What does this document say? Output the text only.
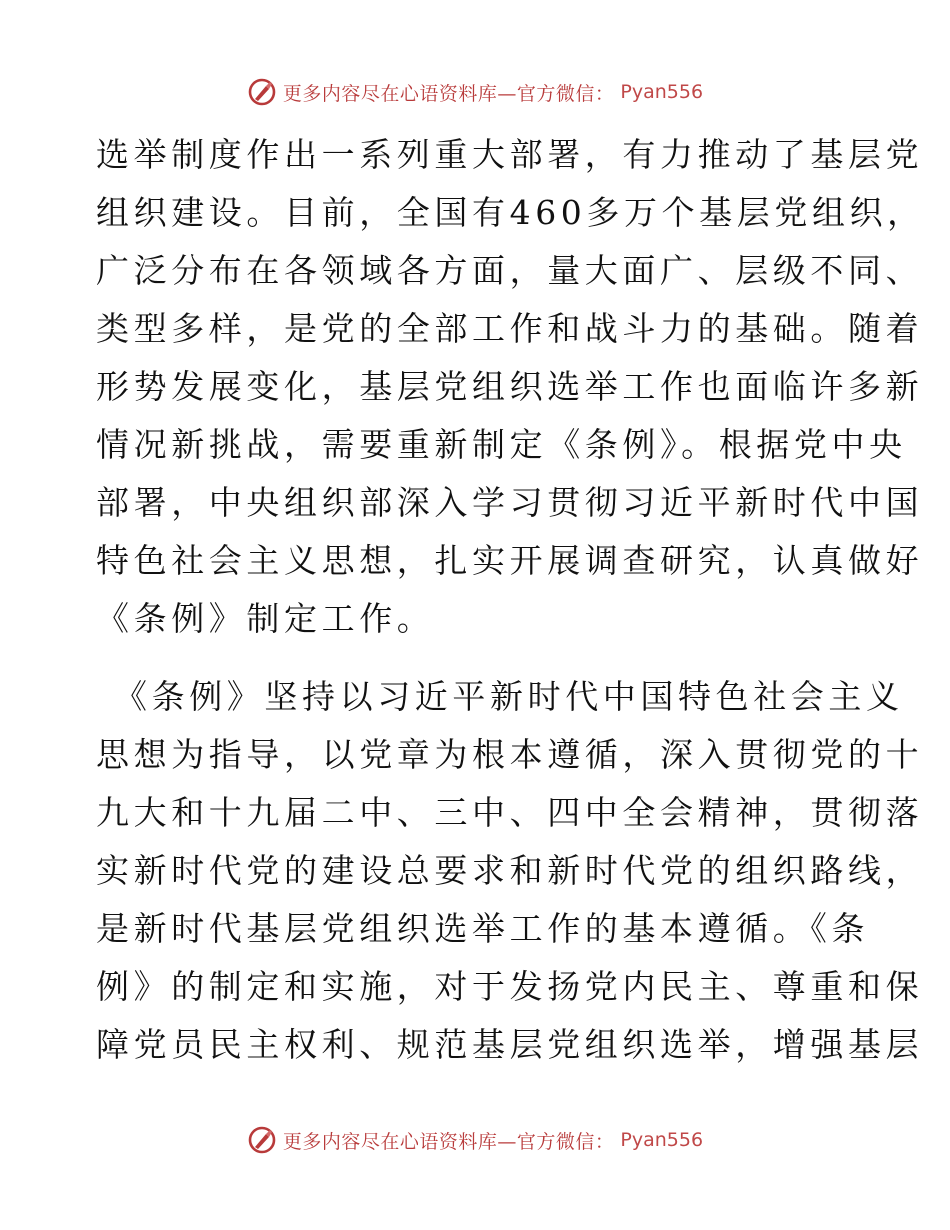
更多内容尽在心语资料库—官方微信： Pyan556
选举制度作出一系列重大部署，有力推动了基层党
组织建设。目前，全国有460多万个基层党组织，
广泛分布在各领域各方面，量大面广、层级不同、
类型多样，是党的全部工作和战斗力的基础。随着
形势发展变化，基层党组织选举工作也面临许多新
情况新挑战，需要重新制定《条例》。根据党中央
部署，中央组织部深入学习贯彻习近平新时代中国
特色社会主义思想，扎实开展调查研究，认真做好
《条例》制定工作。
《条例》坚持以习近平新时代中国特色社会主义
思想为指导，以党章为根本遵循，深入贯彻党的十
九大和十九届二中、三中、四中全会精神，贯彻落
实新时代党的建设总要求和新时代党的组织路线，
是新时代基层党组织选举工作的基本遵循。《条
例》的制定和实施，对于发扬党内民主、尊重和保
障党员民主权利、规范基层党组织选举，增强基层
更多内容尽在心语资料库—官方微信： Pyan556
